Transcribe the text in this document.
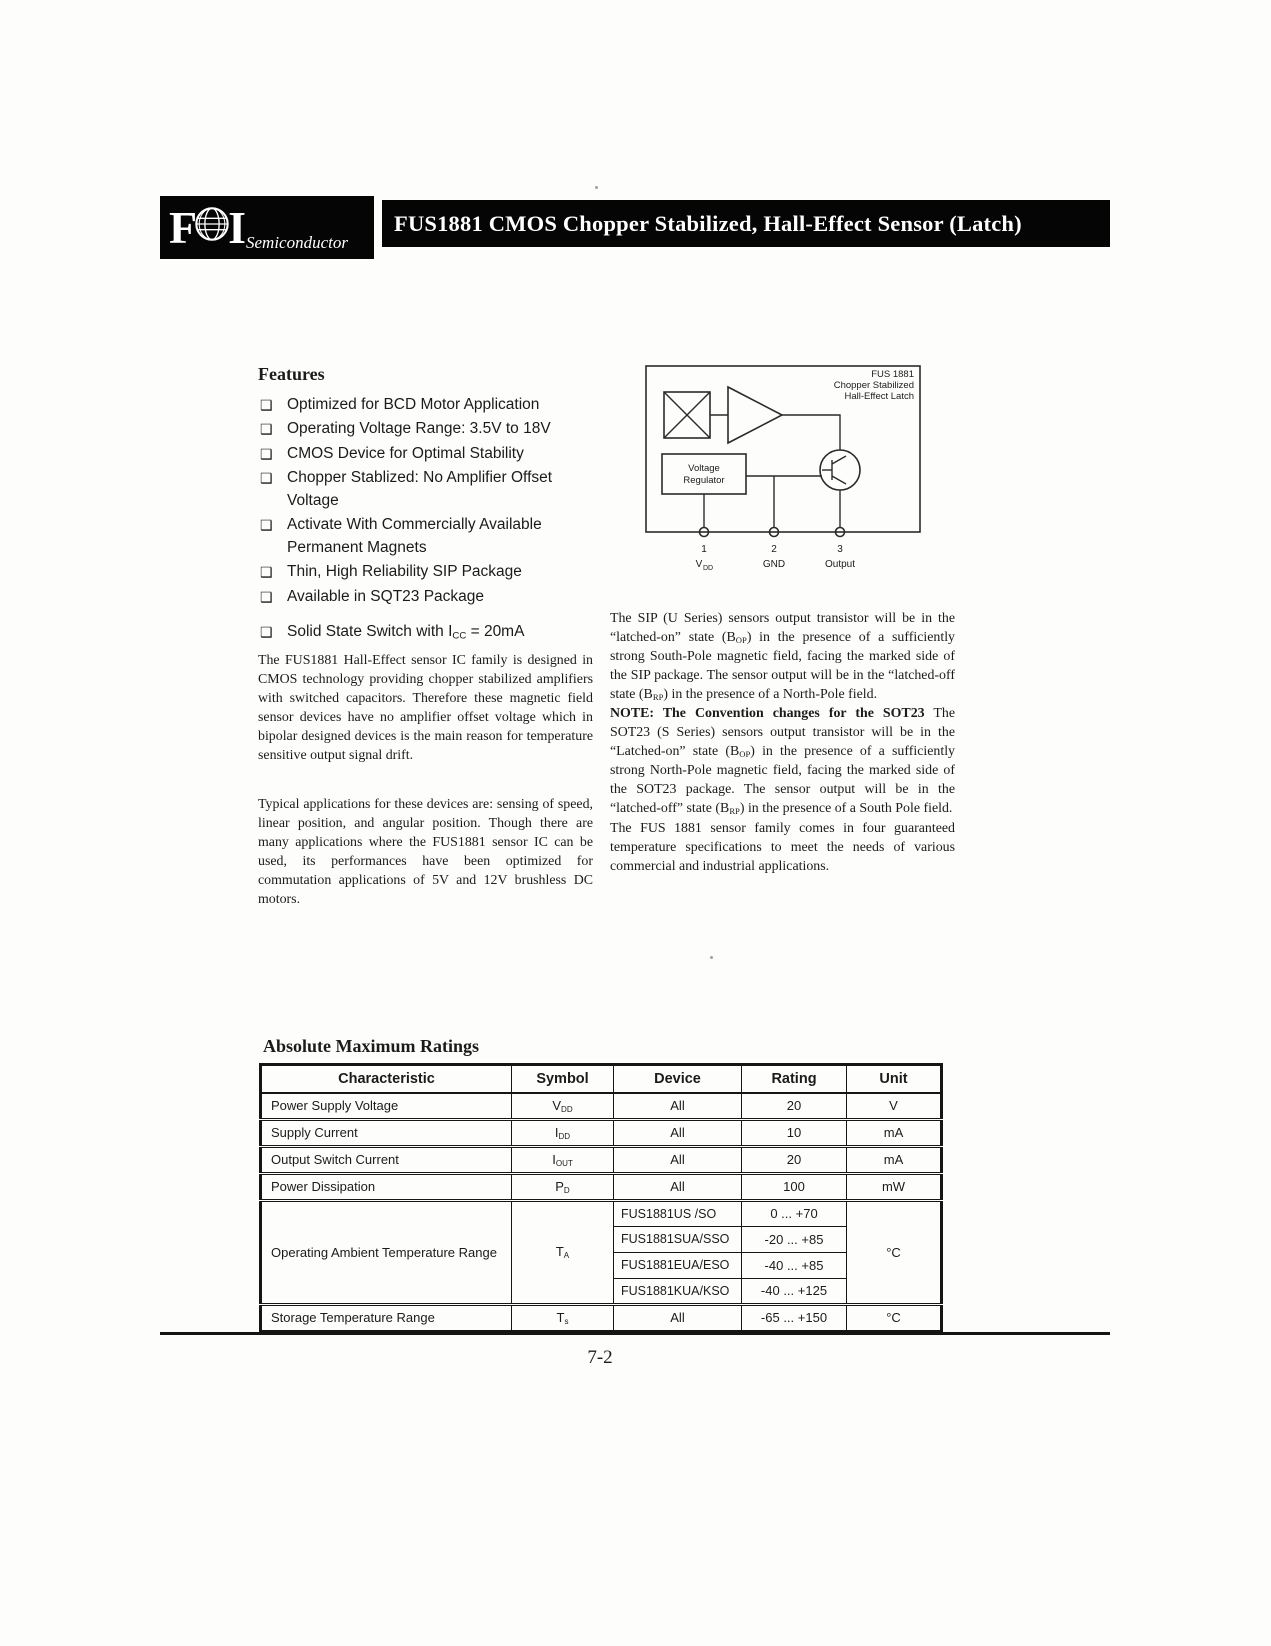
F I Semiconductor
FUS1881 CMOS Chopper Stabilized, Hall-Effect Sensor (Latch)
Features
❑ Optimized for BCD Motor Application
❑ Operating Voltage Range: 3.5V to 18V
❑ CMOS Device for Optimal Stability
❑ Chopper Stablized: No Amplifier Offset Voltage
❑ Activate With Commercially Available Permanent Magnets
❑ Thin, High Reliability SIP Package
❑ Available in SQT23 Package
❑ Solid State Switch with $I_{CC} = 20mA$
FUS 1881
Chopper Stabilized
Hall-Effect Latch
Voltage
Regulator
1	2	3
V DD	GND	Output

The FUS1881 Hall-Effect sensor IC family is designed in CMOS technology providing chopper stabilized amplifiers with switched capacitors. Therefore these magnetic field sensor devices have no amplifier offset voltage which in bipolar designed devices is the main reason for temperature sensitive output signal drift.

Typical applications for these devices are: sensing of speed, linear position, and angular position. Though there are many applications where the FUS1881 sensor IC can be used, its performances have been optimized for commutation applications of 5V and 12V brushless DC motors.

The SIP (U Series) sensors output transistor will be in the “latched-on” state $(B_{OP})$ in the presence of a sufficiently strong South-Pole magnetic field, facing the marked side of the SIP package. The sensor output will be in the “latched-off state $(B_{RP})$ in the presence of a North-Pole field.

NOTE: The Convention changes for the SOT23 The SOT23 (S Series) sensors output transistor will be in the “Latched-on” state $(B_{OP})$ in the presence of a sufficiently strong North-Pole magnetic field, facing the marked side of the SOT23 package. The sensor output will be in the “latched-off” state $(B_{RP})$ in the presence of a South Pole field.

The FUS 1881 sensor family comes in four guaranteed temperature specifications to meet the needs of various commercial and industrial applications.

Absolute Maximum Ratings
Characteristic	Symbol	Device	Rating	Unit
Power Supply Voltage	$V_{DD}$	All	20	V
Supply Current	$I_{DD}$	All	10	mA
Output Switch Current	$I_{OUT}$	All	20	mA
Power Dissipation	$P_D$	All	100	mW
Operating Ambient Temperature Range	$T_A$	FUS1881US /SO	0 ... +70	°C
		FUS1881SUA/SSO	-20 ... +85	
		FUS1881EUA/ESO	-40 ... +85	
		FUS1881KUA/KSO	-40 ... +125	
Storage Temperature Range	$T_s$	All	-65 ... +150	°C
7-2
